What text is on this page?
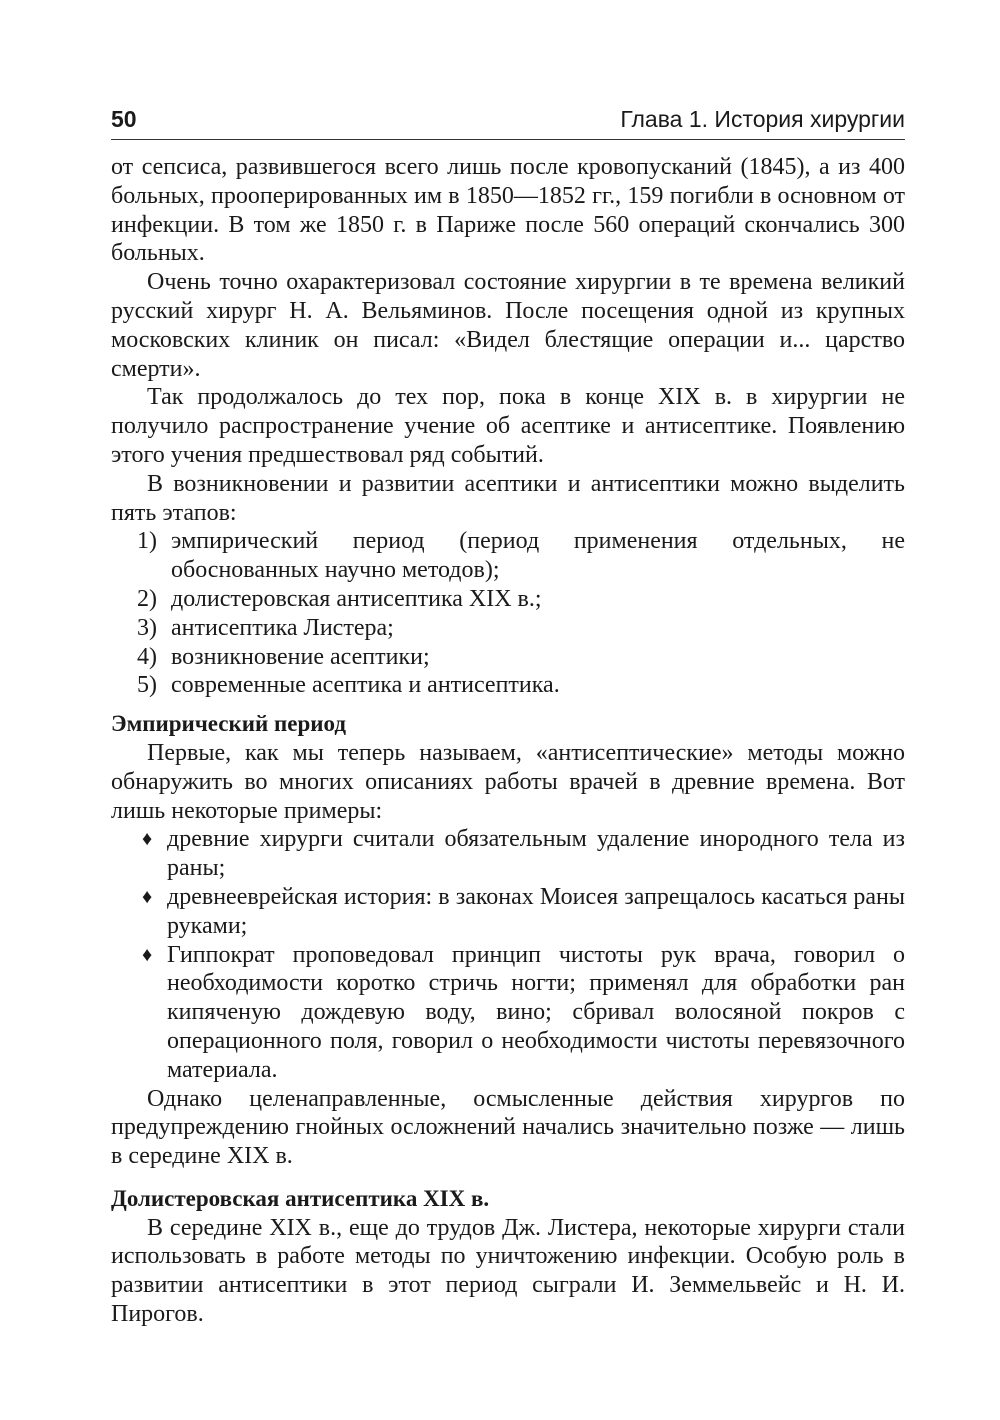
50	Глава 1. История хирургии

от сепсиса, развившегося всего лишь после кровопусканий (1845), а из 400 больных, прооперированных им в 1850—1852 гг., 159 погибли в основном от инфекции. В том же 1850 г. в Париже после 560 операций скончались 300 больных.

Очень точно охарактеризовал состояние хирургии в те времена великий русский хирург Н. А. Вельяминов. После посещения одной из крупных московских клиник он писал: «Видел блестящие операции и... царство смерти».

Так продолжалось до тех пор, пока в конце XIX в. в хирургии не получило распространение учение об асептике и антисептике. Появлению этого учения предшествовал ряд событий.

В возникновении и развитии асептики и антисептики можно выделить пять этапов:

1) эмпирический период (период применения отдельных, не обоснованных научно методов);
2) долистеровская антисептика XIX в.;
3) антисептика Листера;
4) возникновение асептики;
5) современные асептика и антисептика.
Эмпирический период

Первые, как мы теперь называем, «антисептические» методы можно обнаружить во многих описаниях работы врачей в древние времена. Вот лишь некоторые примеры:

♦ древние хирурги считали обязательным удаление инородного тела из раны;
♦ древнееврейская история: в законах Моисея запрещалось касаться раны руками;
♦ Гиппократ проповедовал принцип чистоты рук врача, говорил о необходимости коротко стричь ногти; применял для обработки ран кипяченую дождевую воду, вино; сбривал волосяной покров с операционного поля, говорил о необходимости чистоты перевязочного материала.

Однако целенаправленные, осмысленные действия хирургов по предупреждению гнойных осложнений начались значительно позже — лишь в середине XIX в.

Долистеровская антисептика XIX в.

В середине XIX в., еще до трудов Дж. Листера, некоторые хирурги стали использовать в работе методы по уничтожению инфекции. Особую роль в развитии антисептики в этот период сыграли И. Земмельвейс и Н. И. Пирогов.
